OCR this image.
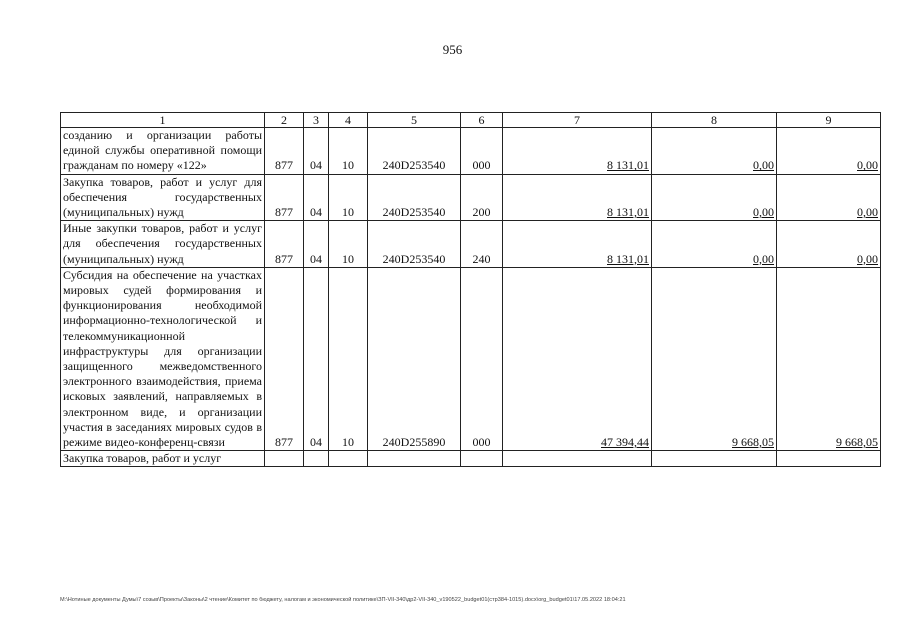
956
1	2	3	4	5	6	7	8	9
созданию и организации работы единой службы оперативной помощи гражданам по номеру «122»	877	04	10	240D253540	000	8 131,01	0,00	0,00
Закупка товаров, работ и услуг для обеспечения государственных (муниципальных) нужд	877	04	10	240D253540	200	8 131,01	0,00	0,00
Иные закупки товаров, работ и услуг для обеспечения государственных (муниципальных) нужд	877	04	10	240D253540	240	8 131,01	0,00	0,00
Субсидия на обеспечение на участках мировых судей формирования и функционирования необходимой информационно-технологической и телекоммуникационной инфраструктуры для организации защищенного межведомственного электронного взаимодействия, приема исковых заявлений, направляемых в электронном виде, и организации участия в заседаниях мировых судов в режиме видео-конференц-связи	877	04	10	240D255890	000	47 394,44	9 668,05	9 668,05
Закупка товаров, работ и услуг								
M:\Нотиные документы Думы\7 созыв\Проекты\Законы\2 чтение\Комитет по бюджету, налогам и экономической политике\ЗП-VII-340\др2-VII-340_v190522_budget01(стр384-1015).docx\org_budget01\17.05.2022 18:04:21
